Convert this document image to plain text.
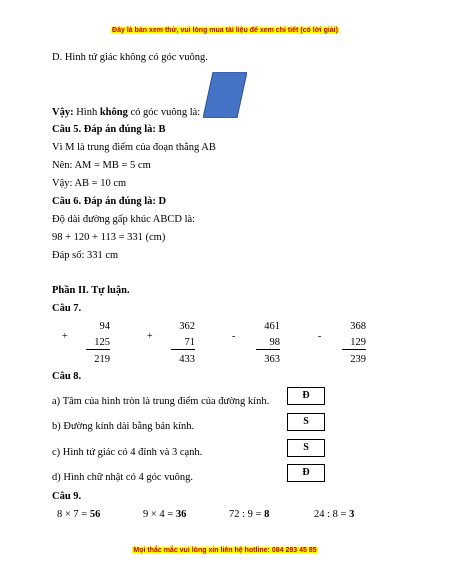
Đây là bản xem thử, vui lòng mua tài liệu để xem chi tiết (có lời giải)
D. Hình tứ giác không có góc vuông.
Vậy: Hình không có góc vuông là:
Câu 5. Đáp án đúng là: B
Vì M là trung điểm của đoạn thẳng AB
Nên: AM = MB = 5 cm
Vậy: AB = 10 cm
Câu 6. Đáp án đúng là: D
Độ dài đường gấp khúc ABCD là:
98 + 120 + 113 = 331 (cm)
Đáp số: 331 cm
Phần II. Tự luận.
Câu 7.
+
94
125
219
+
362
71
433
-
461
98
363
-
368
129
239
Câu 8.
a) Tâm của hình tròn là trung điểm của đường kính.
Đ
b) Đường kính dài bằng bán kính.	S
c) Hình tứ giác có 4 đỉnh và 3 cạnh.	S
d) Hình chữ nhật có 4 góc vuông.	Đ
Câu 9.
8 × 7 = 56	9 × 4 = 36	72 : 9 = 8	24 : 8 = 3
Mọi thắc mắc vui lòng xin liên hệ hotline: 084 283 45 85
